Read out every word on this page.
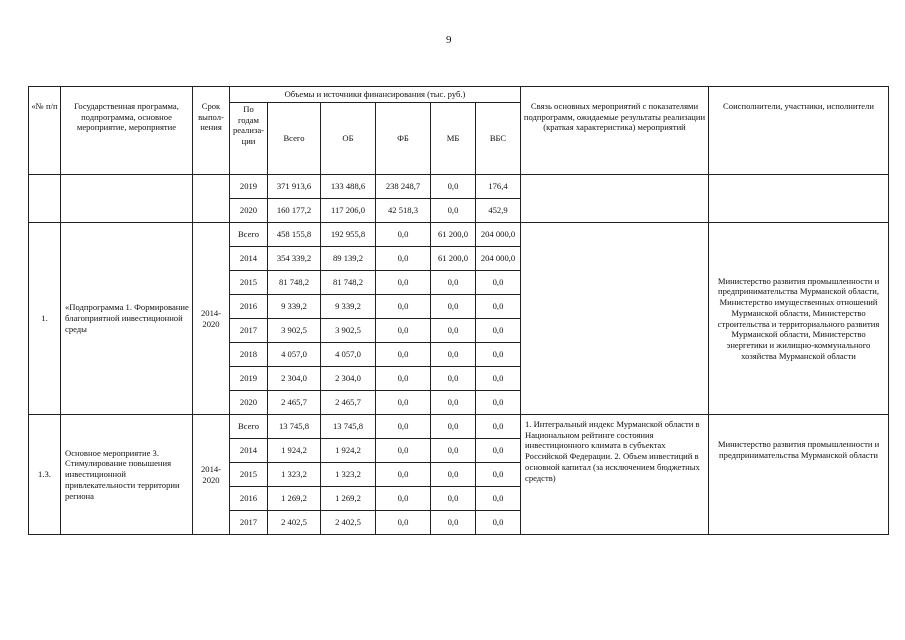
9
«№ п/п	Государственная программа, подпрограмма, основное мероприятие, мероприятие	Срок выпол-нения	Объемы и источники финансирования (тыс. руб.)						Связь основных мероприятий с показателями подпрограмм, ожидаемые результаты реализации (краткая характеристика) мероприятий	Соисполнители, участники, исполнители
			По годам реализа-ции	Всего	ОБ	ФБ	МБ	ВБС		
			2019	371 913,6	133 488,6	238 248,7	0,0	176,4		
			2020	160 177,2	117 206,0	42 518,3	0,0	452,9		
1.	«Подпрограмма 1. Формирование благоприятной инвестиционной среды	2014-2020	Всего	458 155,8	192 955,8	0,0	61 200,0	204 000,0		Министерство развития промышленности и предпринимательства Мурманской области, Министерство имущественных отношений Мурманской области, Министерство строительства и территориального развития Мурманской области, Министерство энергетики и жилищно-коммунального хозяйства Мурманской области
			2014	354 339,2	89 139,2	0,0	61 200,0	204 000,0		
			2015	81 748,2	81 748,2	0,0	0,0	0,0		
			2016	9 339,2	9 339,2	0,0	0,0	0,0		
			2017	3 902,5	3 902,5	0,0	0,0	0,0		
			2018	4 057,0	4 057,0	0,0	0,0	0,0		
			2019	2 304,0	2 304,0	0,0	0,0	0,0		
			2020	2 465,7	2 465,7	0,0	0,0	0,0		
1.3.	Основное мероприятие 3. Стимулирование повышения инвестиционной привлекательности территории региона	2014-2020	Всего	13 745,8	13 745,8	0,0	0,0	0,0	1. Интегральный индекс Мурманской области в Национальном рейтинге состояния инвестиционного климата в субъектах Российской Федерации. 2. Объем инвестиций в основной капитал (за исключением бюджетных средств)	Министерство развития промышленности и предпринимательства Мурманской области
			2014	1 924,2	1 924,2	0,0	0,0	0,0		
			2015	1 323,2	1 323,2	0,0	0,0	0,0		
			2016	1 269,2	1 269,2	0,0	0,0	0,0		
			2017	2 402,5	2 402,5	0,0	0,0	0,0		
